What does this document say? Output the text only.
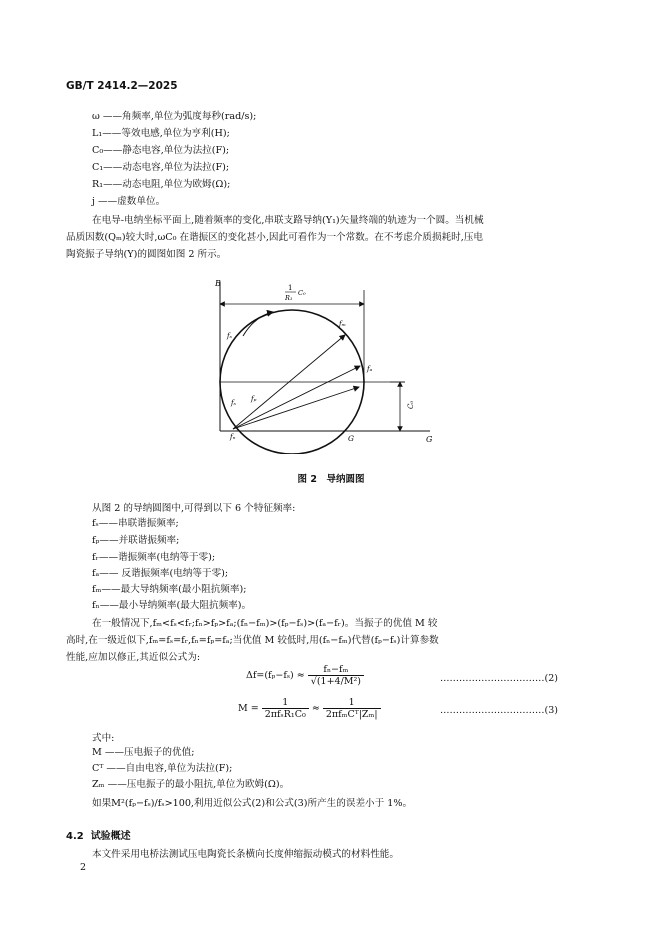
GB/T 2414.2—2025
ω ——角频率,单位为弧度每秒(rad/s);
L₁——等效电感,单位为亨利(H);
C₀——静态电容,单位为法拉(F);
C₁——动态电容,单位为法拉(F);
R₁——动态电阻,单位为欧姆(Ω);
j ——虚数单位。
在电导-电纳坐标平面上,随着频率的变化,串联支路导纳(Y₁)矢量终端的轨迹为一个圆。当机械
品质因数(Qₘ)较大时,ωC₀ 在谐振区的变化甚小,因此可看作为一个常数。在不考虑介质损耗时,压电
陶瓷振子导纳(Y)的圆图如图 2 所示。
B
G
G
1
R₁
C₀
fₛ
fₘ
fₐ
fₛ fₚ
fₙ
C₀
图 2　导纳圆图
从图 2 的导纳圆图中,可得到以下 6 个特征频率:
fₛ——串联谐振频率;
fₚ——并联谐振频率;
fᵣ——谐振频率(电纳等于零);
fₐ—— 反谐振频率(电纳等于零);
fₘ——最大导纳频率(最小阻抗频率);
fₙ——最小导纳频率(最大阻抗频率)。
在一般情况下,fₘ<fₛ<fᵣ;fₙ>fₚ>fₐ;(fₙ−fₘ)>(fₚ−fₛ)>(fₐ−fᵣ)。当振子的优值 M 较
高时,在一级近似下,fₘ=fₛ=fᵣ,fₙ=fₚ=fₐ;当优值 M 较低时,用(fₙ−fₘ)代替(fₚ−fₛ)计算参数
性能,应加以修正,其近似公式为:
$\Delta f=(f_p-f_s) \approx \frac{\text{fₙ−fₘ}}{\text{√(1+4/M²)}}$	……………………………(2)
$M = \frac{1}{\text{2πfₛR₁C₀}} \approx \frac{1}{\text{2πfₘCᵀ|Zₘ|}}$	……………………………(3)
式中:
M ——压电振子的优值;
Cᵀ ——自由电容,单位为法拉(F);
Zₘ ——压电振子的最小阻抗,单位为欧姆(Ω)。
如果M²(fₚ−fₛ)/fₛ>100,利用近似公式(2)和公式(3)所产生的误差小于 1%。
4.2 试验概述
本文件采用电桥法测试压电陶瓷长条横向长度伸缩振动模式的材料性能。
2
